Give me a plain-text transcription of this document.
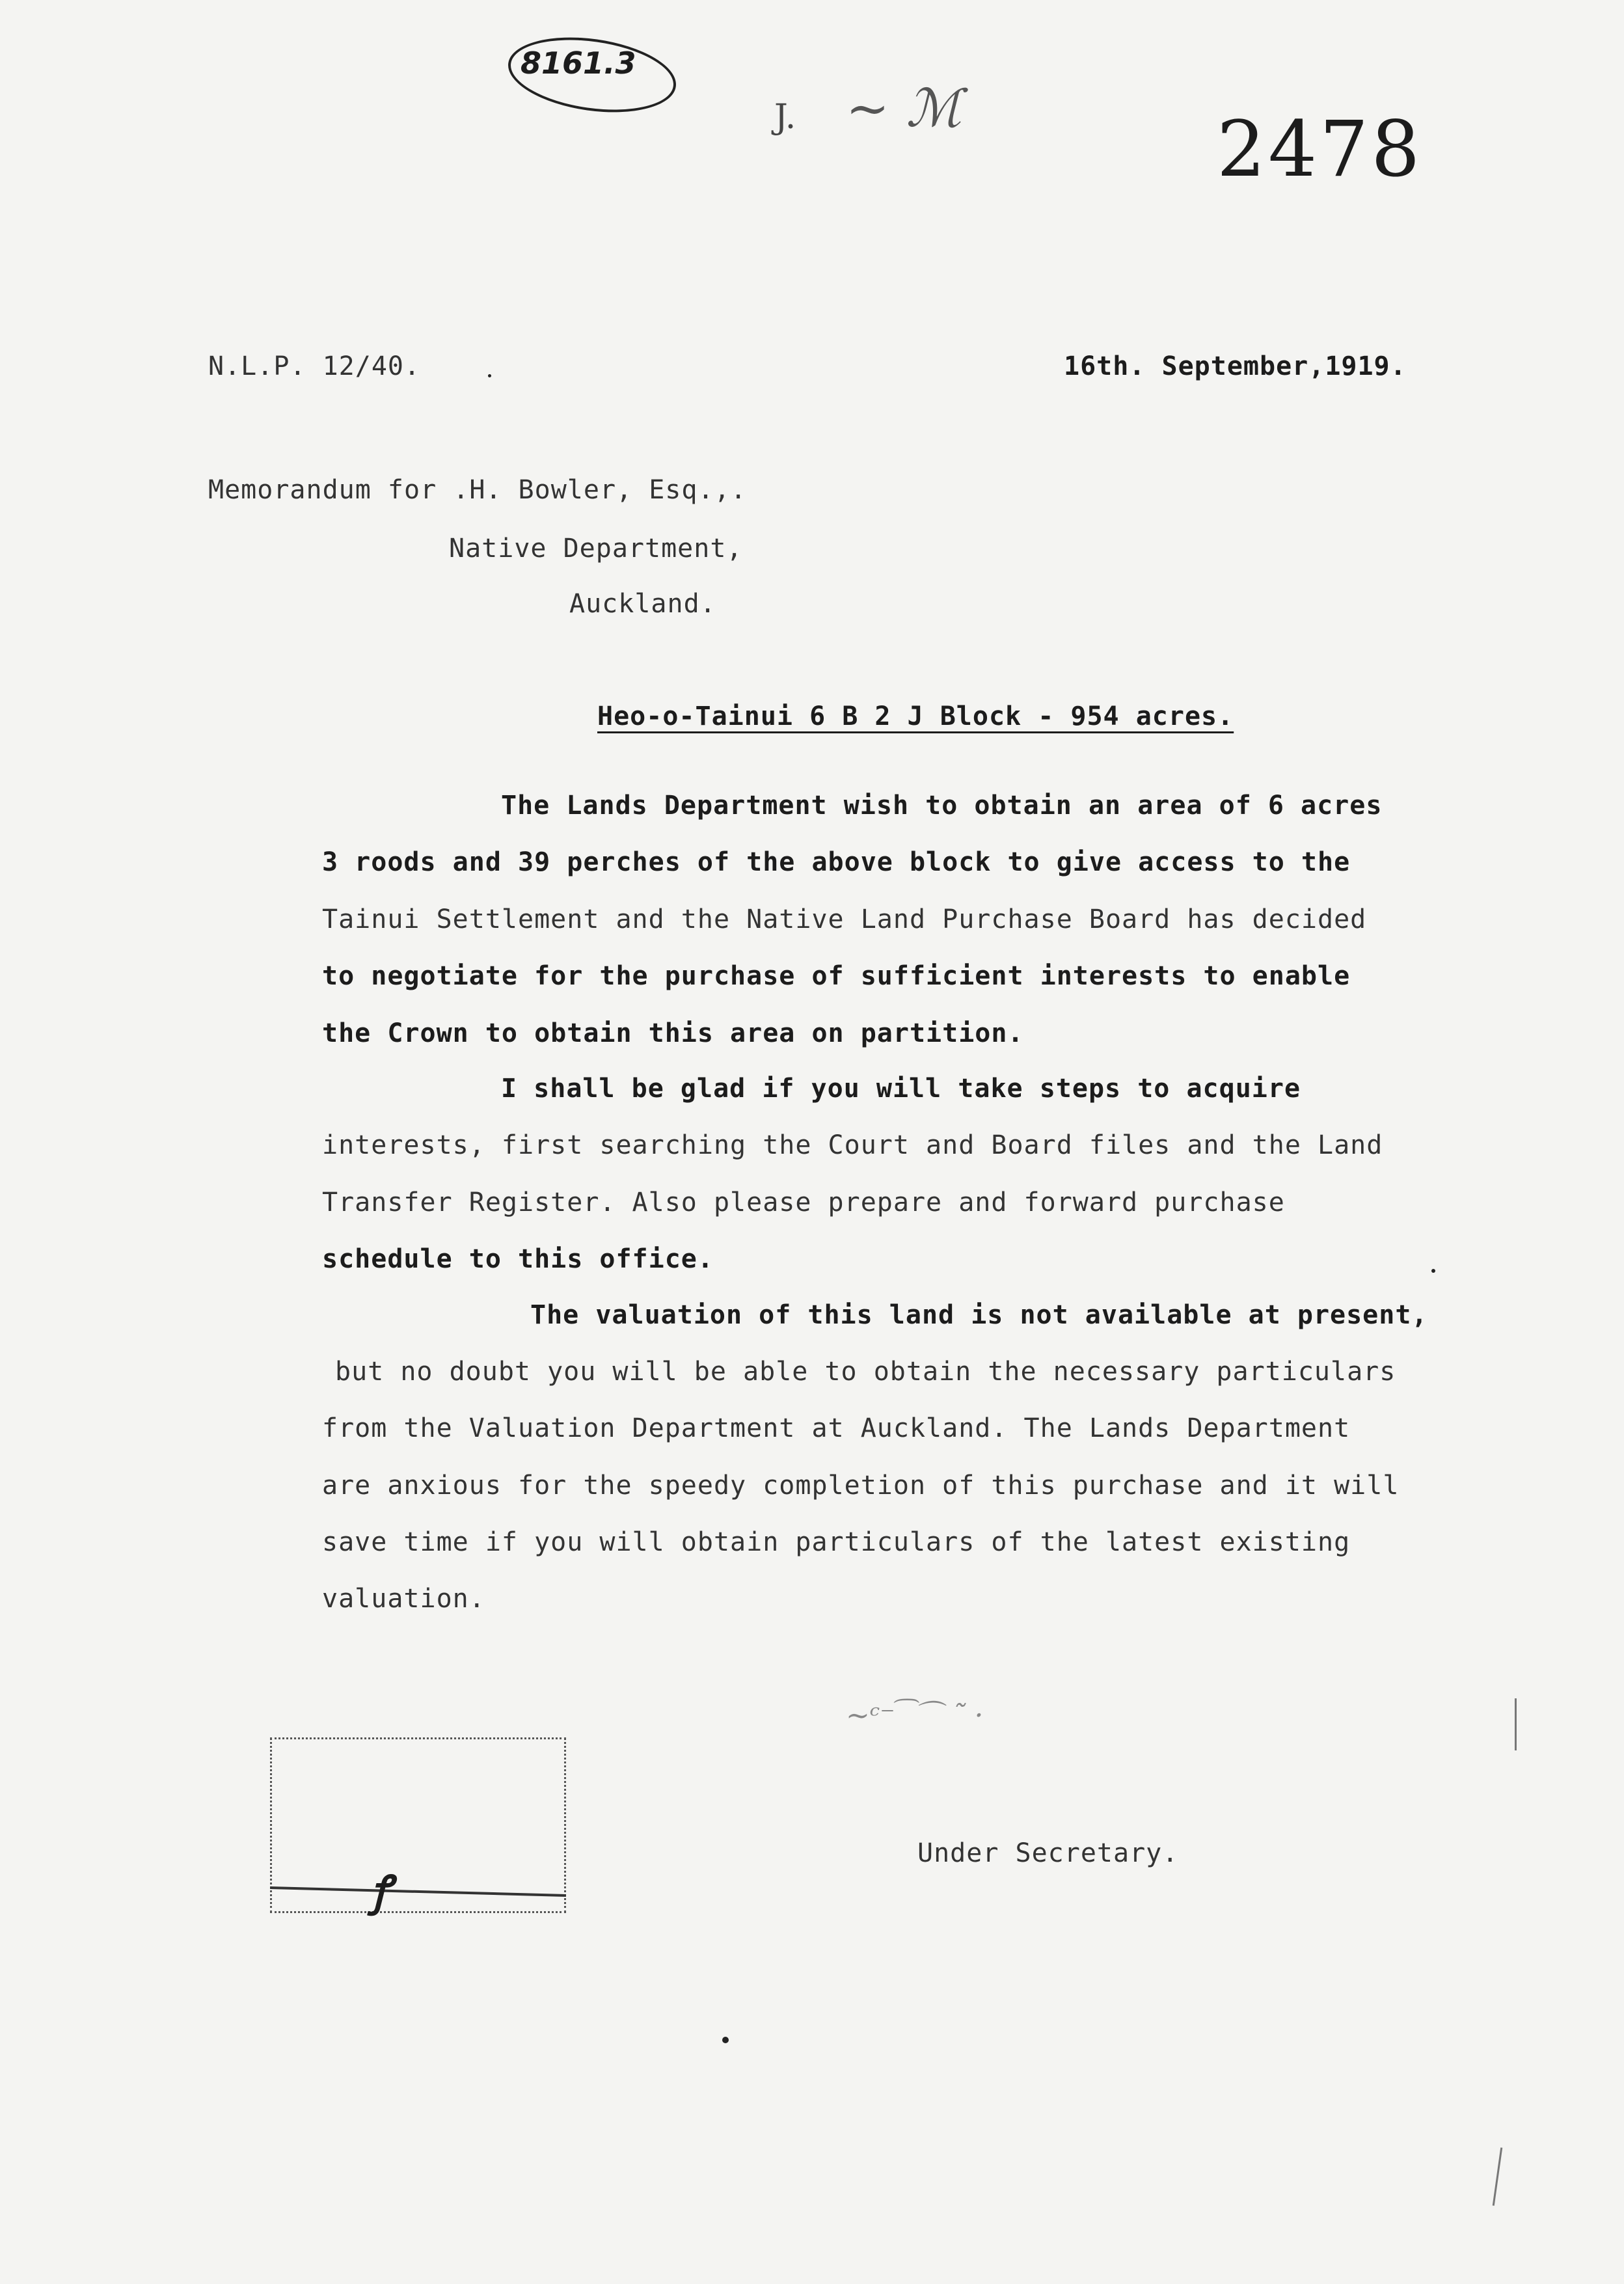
8161.3
J. ~ ℳ	2478
N.L.P. 12/40.	16th. September,1919.
Memorandum for .H. Bowler, Esq.,.
Native Department,
Auckland.
Heo-o-Tainui 6 B 2 J Block - 954 acres.
The Lands Department wish to obtain an area of 6 acres
3 roods and 39 perches of the above block to give access to the
Tainui Settlement and the Native Land Purchase Board has decided
to negotiate for the purchase of sufficient interests to enable
the Crown to obtain this area on partition.
I shall be glad if you will take steps to acquire
interests, first searching the Court and Board files and the Land
Transfer Register. Also please prepare and forward purchase
schedule to this office.
The valuation of this land is not available at present,
but no doubt you will be able to obtain the necessary particulars
from the Valuation Department at Auckland. The Lands Department
are anxious for the speedy completion of this purchase and it will
save time if you will obtain particulars of the latest existing
valuation.
~ᶜ⁻ ͡ ⌒ ˜ ·
Under Secretary.
ꝭ
